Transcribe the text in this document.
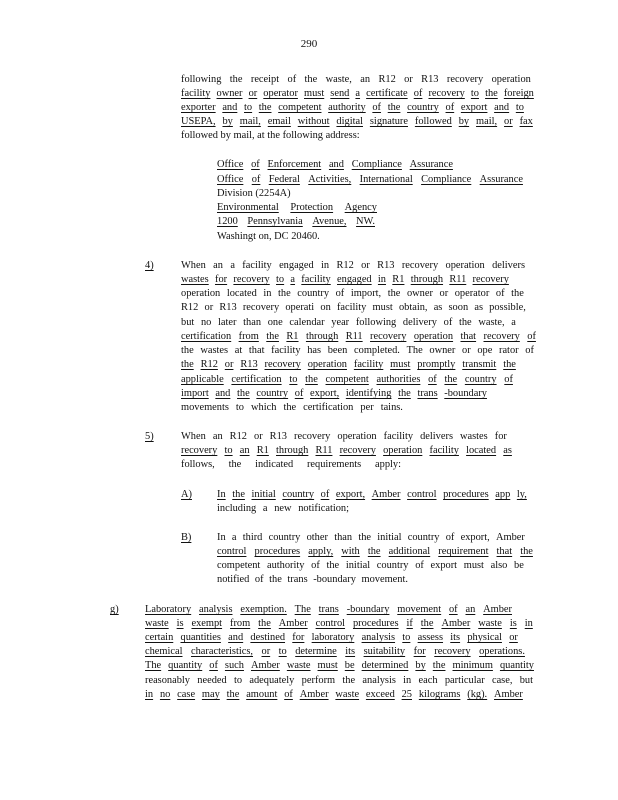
290
following the receipt of the waste, an R12 or R13 recovery operation
facility owner or operator must send a certificate of recovery to the foreign
exporter and to the competent authority of the country of export and to
USEPA, by mail, email without digital signature followed by mail, or fax
followed by mail, at the following address:
Office of Enforcement and Compliance Assurance
Office of Federal Activities, International Compliance Assurance
Division (2254A)
Environmental Protection Agency
1200 Pennsylvania Avenue, NW.
Washingt on, DC 20460.
4)	When an a facility engaged in R12 or R13 recovery operation delivers
wastes for recovery to a facility engaged in R1 through R11 recovery
operation located in the country of import, the owner or operator of the
R12 or R13 recovery operati on facility must obtain, as soon as possible,
but no later than one calendar year following delivery of the waste, a
certification from the R1 through R11 recovery operation that recovery of
the wastes at that facility has been completed. The owner or ope rator of
the R12 or R13 recovery operation facility must promptly transmit the
applicable certification to the competent authorities of the country of
import and the country of export, identifying the trans -boundary
movements to which the certification per tains.
5)	When an R12 or R13 recovery operation facility delivers wastes for
recovery to an R1 through R11 recovery operation facility located as
follows, the indicated requirements apply:
A) In the initial country of export, Amber control procedures app ly,
including a new notification;
B) In a third country other than the initial country of export, Amber
control procedures apply, with the additional requirement that the
competent authority of the initial country of export must also be
notified of the trans -boundary movement.
g)	Laboratory analysis exemption. The trans -boundary movement of an Amber
waste is exempt from the Amber control procedures if the Amber waste is in
certain quantities and destined for laboratory analysis to assess its physical or
chemical characteristics, or to determine its suitability for recovery operations.
The quantity of such Amber waste must be determined by the minimum quantity
reasonably needed to adequately perform the analysis in each particular case, but
in no case may the amount of Amber waste exceed 25 kilograms (kg). Amber
